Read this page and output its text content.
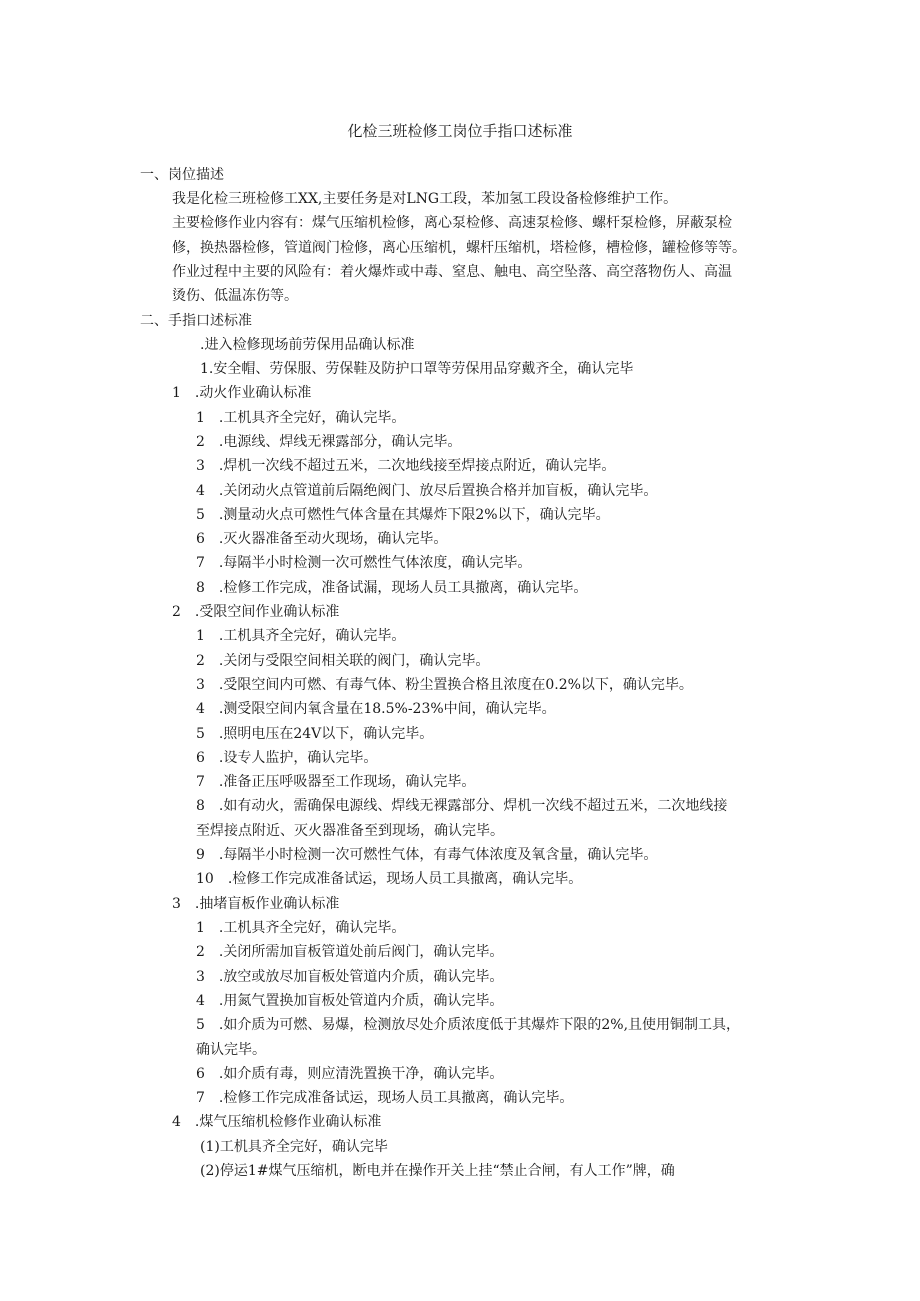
化检三班检修工岗位手指口述标准
一、岗位描述
我是化检三班检修工XX,主要任务是对LNG工段，苯加氢工段设备检修维护工作。
主要检修作业内容有：煤气压缩机检修，离心泵检修、高速泵检修、螺杆泵检修，屏蔽泵检
修，换热器检修，管道阀门检修，离心压缩机，螺杆压缩机，塔检修，槽检修，罐检修等等。
作业过程中主要的风险有：着火爆炸或中毒、窒息、触电、高空坠落、高空落物伤人、高温
烫伤、低温冻伤等。
二、手指口述标准
.进入检修现场前劳保用品确认标准
1.安全帽、劳保服、劳保鞋及防护口罩等劳保用品穿戴齐全，确认完毕
1　.动火作业确认标准
1　.工机具齐全完好，确认完毕。
2　.电源线、焊线无裸露部分，确认完毕。
3　.焊机一次线不超过五米，二次地线接至焊接点附近，确认完毕。
4　.关闭动火点管道前后隔绝阀门、放尽后置换合格并加盲板，确认完毕。
5　.测量动火点可燃性气体含量在其爆炸下限2%以下，确认完毕。
6　.灭火器准备至动火现场，确认完毕。
7　.每隔半小时检测一次可燃性气体浓度，确认完毕。
8　.检修工作完成，准备试漏，现场人员工具撤离，确认完毕。
2　.受限空间作业确认标准
1　.工机具齐全完好，确认完毕。
2　.关闭与受限空间相关联的阀门，确认完毕。
3　.受限空间内可燃、有毒气体、粉尘置换合格且浓度在0.2%以下，确认完毕。
4　.测受限空间内氧含量在18.5%-23%中间，确认完毕。
5　.照明电压在24V以下，确认完毕。
6　.设专人监护，确认完毕。
7　.准备正压呼吸器至工作现场，确认完毕。
8　.如有动火，需确保电源线、焊线无裸露部分、焊机一次线不超过五米，二次地线接
至焊接点附近、灭火器准备至到现场，确认完毕。
9　.每隔半小时检测一次可燃性气体，有毒气体浓度及氧含量，确认完毕。
10　.检修工作完成准备试运，现场人员工具撤离，确认完毕。
3　.抽堵盲板作业确认标准
1　.工机具齐全完好，确认完毕。
2　.关闭所需加盲板管道处前后阀门，确认完毕。
3　.放空或放尽加盲板处管道内介质，确认完毕。
4　.用氮气置换加盲板处管道内介质，确认完毕。
5　.如介质为可燃、易爆，检测放尽处介质浓度低于其爆炸下限的2%,且使用铜制工具，
确认完毕。
6　.如介质有毒，则应清洗置换干净，确认完毕。
7　.检修工作完成准备试运，现场人员工具撤离，确认完毕。
4　.煤气压缩机检修作业确认标准
(1)工机具齐全完好，确认完毕
(2)停运1#煤气压缩机，断电并在操作开关上挂“禁止合闸，有人工作”牌，确
